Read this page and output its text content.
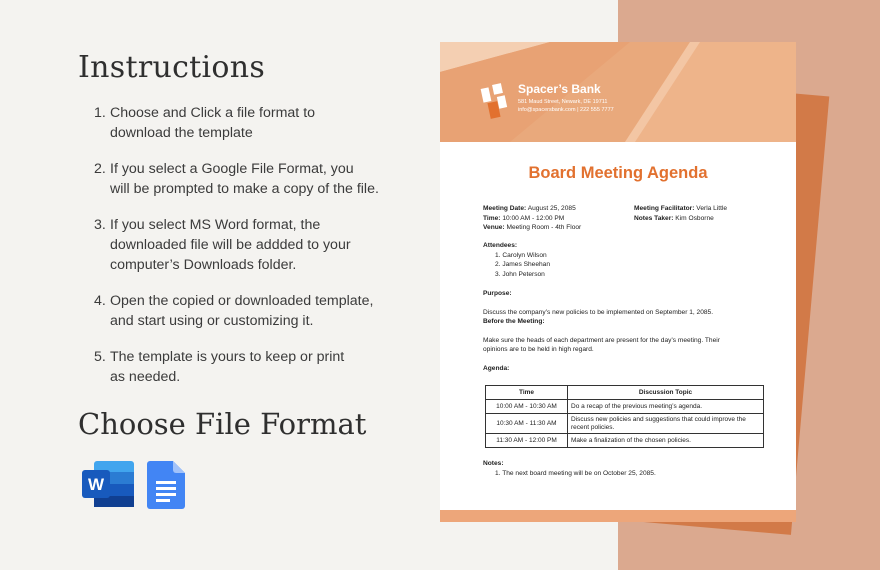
Instructions
1. Choose and Click a file format to
download the template
2. If you select a Google File Format, you
will be prompted to make a copy of the file.
3. If you select MS Word format, the
downloaded file will be addded to your
computer’s Downloads folder.
4. Open the copied or downloaded template,
and start using or customizing it.
5. The template is yours to keep or print
as needed.
Choose File Format
W
Spacer’s Bank
581 Maud Street, Newark, DE 19711
info@spacersbank.com | 222 555 7777
Board Meeting Agenda
Meeting Date: August 25, 2085
Time: 10:00 AM - 12:00 PM
Venue: Meeting Room - 4th Floor
Meeting Facilitator: Verla Little
Notes Taker: Kim Osborne
Attendees:
1. Carolyn Wilson
2. James Sheehan
3. John Peterson
Purpose:
Discuss the company’s new policies to be implemented on September 1, 2085.
Before the Meeting:
Make sure the heads of each department are present for the day’s meeting. Their
opinions are to be held in high regard.
Agenda:
Time	Discussion Topic
10:00 AM - 10:30 AM	Do a recap of the previous meeting’s agenda.
10:30 AM - 11:30 AM	Discuss new policies and suggestions that could improve the recent policies.
11:30 AM - 12:00 PM	Make a finalization of the chosen policies.
Notes:
1. The next board meeting will be on October 25, 2085.
